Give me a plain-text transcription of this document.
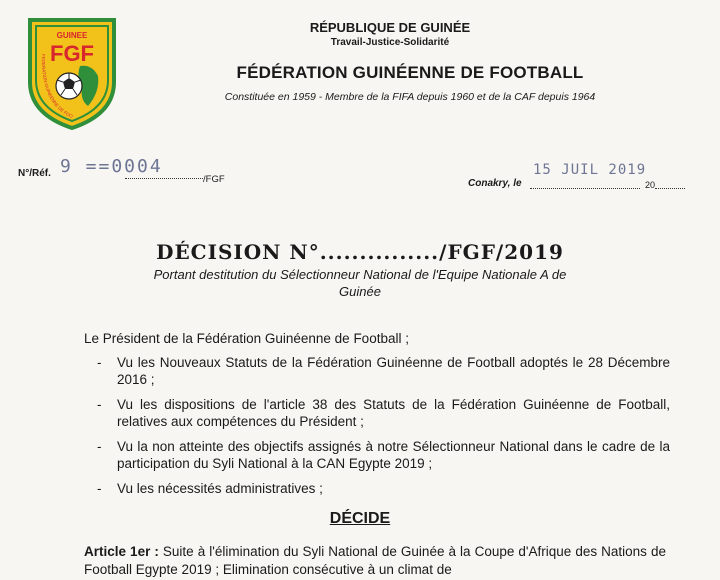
GUINEE
FGF
FEDERATION GUINEENNE DE FOO
RÉPUBLIQUE DE GUINÉE
Travail-Justice-Solidarité
FÉDÉRATION GUINÉENNE DE FOOTBALL
Constituée en 1959 - Membre de la FIFA depuis 1960 et de la CAF depuis 1964
N°/Réf. 9 ==0004
/FGF	Conakry, le
15 JUIL 2019
20
DÉCISION N°.............../FGF/2019
Portant destitution du Sélectionneur National de l'Equipe Nationale A de Guinée
Le Président de la Fédération Guinéenne de Football ;
- Vu les Nouveaux Statuts de la Fédération Guinéenne de Football adoptés le 28 Décembre 2016 ;
- Vu les dispositions de l'article 38 des Statuts de la Fédération Guinéenne de Football, relatives aux compétences du Président ;
- Vu la non atteinte des objectifs assignés à notre Sélectionneur National dans le cadre de la participation du Syli National à la CAN Egypte 2019 ;
- Vu les nécessités administratives ;
DÉCIDE
Article 1er : Suite à l'élimination du Syli National de Guinée à la Coupe d'Afrique des Nations de Football Egypte 2019 ; Elimination consécutive à un climat de
